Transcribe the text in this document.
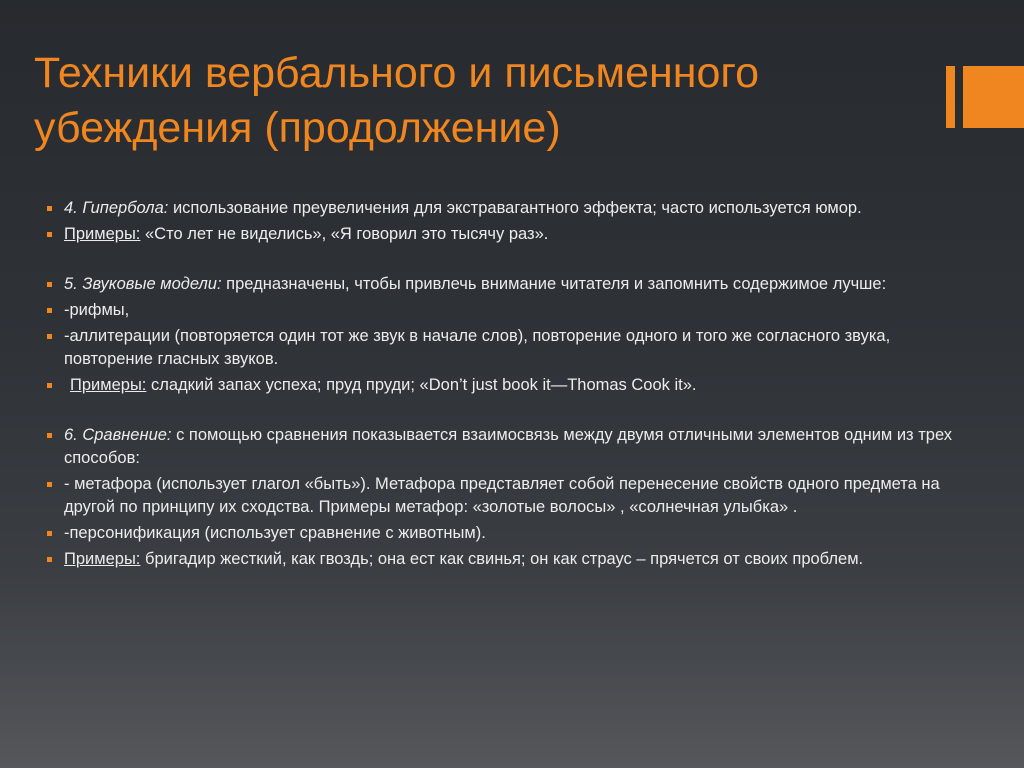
Техники вербального и письменного убеждения (продолжение)
4. Гипербола: использование преувеличения для экстравагантного эффекта; часто используется юмор.
Примеры: «Сто лет не виделись», «Я говорил это тысячу раз».
5. Звуковые модели: предназначены, чтобы привлечь внимание читателя и запомнить содержимое лучше:
-рифмы,
-аллитерации (повторяется один тот же звук в начале слов), повторение одного и того же согласного звука, повторение гласных звуков.
Примеры: сладкий запах успеха; пруд пруди; «Don’t just book it—Thomas Cook it».
6. Сравнение: с помощью сравнения показывается взаимосвязь между двумя отличными элементов одним из трех способов:
- метафора (использует глагол «быть»). Метафора представляет собой перенесение свойств одного предмета на другой по принципу их сходства. Примеры метафор: «золотые волосы» , «солнечная улыбка» .
-персонификация (использует сравнение с животным).
Примеры: бригадир жесткий, как гвоздь; она ест как свинья; он как страус – прячется от своих проблем.
